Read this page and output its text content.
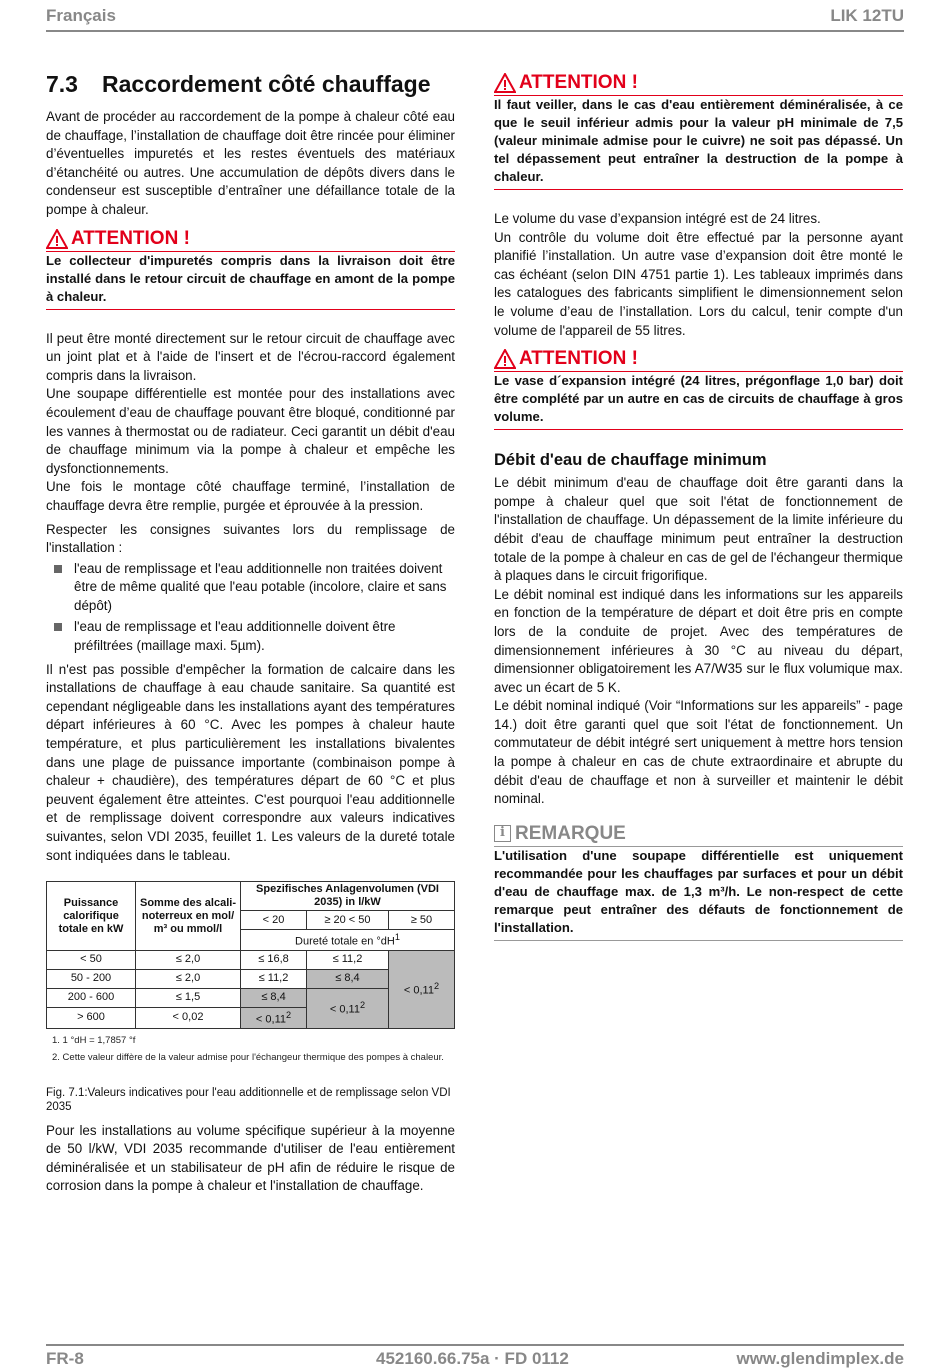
Français	LIK 12TU
7.3 Raccordement côté chauffage

Avant de procéder au raccordement de la pompe à chaleur côté eau de chauffage, l’installation de chauffage doit être rincée pour éliminer d’éventuelles impuretés et les restes éventuels des matériaux d’étanchéité ou autres. Une accumulation de dépôts divers dans le condenseur est susceptible d’entraîner une défaillance totale de la pompe à chaleur.

ATTENTION !
Le collecteur d'impuretés compris dans la livraison doit être installé dans le retour circuit de chauffage en amont de la pompe à chaleur.

Il peut être monté directement sur le retour circuit de chauffage avec un joint plat et à l'aide de l'insert et de l'écrou-raccord également compris dans la livraison.

Une soupape différentielle est montée pour des installations avec écoulement d’eau de chauffage pouvant être bloqué, conditionné par les vannes à thermostat ou de radiateur. Ceci garantit un débit d'eau de chauffage minimum via la pompe à chaleur et empêche les dysfonctionnements.

Une fois le montage côté chauffage terminé, l’installation de chauffage devra être remplie, purgée et éprouvée à la pression.

Respecter les consignes suivantes lors du remplissage de l'installation :

l'eau de remplissage et l'eau additionnelle non traitées doivent être de même qualité que l'eau potable (incolore, claire et sans dépôt)
l'eau de remplissage et l'eau additionnelle doivent être préfiltrées (maillage maxi. 5µm).

Il n'est pas possible d'empêcher la formation de calcaire dans les installations de chauffage à eau chaude sanitaire. Sa quantité est cependant négligeable dans les installations ayant des températures départ inférieures à 60 °C. Avec les pompes à chaleur haute température, et plus particulièrement les installations bivalentes dans une plage de puissance importante (combinaison pompe à chaleur + chaudière), des températures départ de 60 °C et plus peuvent également être atteintes. C'est pourquoi l'eau additionnelle et de remplissage doivent correspondre aux valeurs indicatives suivantes, selon VDI 2035, feuillet 1. Les valeurs de la dureté totale sont indiquées dans le tableau.

Puissance calorifique totale en kW	Somme des alcali-noterreux en mol/ m³ ou mmol/l	Spezifisches Anlagenvolumen (VDI 2035) in l/kW		
		< 20	≥ 20 < 50	≥ 50
		Dureté totale en $^\circ dH^1$
< 50	≤ 2,0	≤ 16,8	≤ 11,2	< $0,11^2$
50 - 200	≤ 2,0	≤ 11,2	≤ 8,4	
200 - 600	≤ 1,5	≤ 8,4	< $0,11^2$
> 600	< 0,02	< $0,11^2$
1. 1 °dH = 1,7857 °f
2. Cette valeur diffère de la valeur admise pour l'échangeur thermique des pompes à chaleur.
Fig. 7.1:Valeurs indicatives pour l'eau additionnelle et de remplissage selon VDI 2035

Pour les installations au volume spécifique supérieur à la moyenne de 50 l/kW, VDI 2035 recommande d'utiliser de l'eau entièrement déminéralisée et un stabilisateur de pH afin de réduire le risque de corrosion dans la pompe à chaleur et l'installation de chauffage.

ATTENTION !
Il faut veiller, dans le cas d'eau entièrement déminéralisée, à ce que le seuil inférieur admis pour la valeur pH minimale de 7,5 (valeur minimale admise pour le cuivre) ne soit pas dépassé. Un tel dépassement peut entraîner la destruction de la pompe à chaleur.

Le volume du vase d’expansion intégré est de 24 litres.

Un contrôle du volume doit être effectué par la personne ayant planifié l’installation. Un autre vase d’expansion doit être monté le cas échéant (selon DIN 4751 partie 1). Les tableaux imprimés dans les catalogues des fabricants simplifient le dimensionnement selon le volume d’eau de l’installation. Lors du calcul, tenir compte d'un volume de l'appareil de 55 litres.

ATTENTION !
Le vase d´expansion intégré (24 litres, prégonflage 1,0 bar) doit être complété par un autre en cas de circuits de chauffage à gros volume.
Débit d'eau de chauffage minimum

Le débit minimum d'eau de chauffage doit être garanti dans la pompe à chaleur quel que soit l'état de fonctionnement de l'installation de chauffage. Un dépassement de la limite inférieure du débit d'eau de chauffage minimum peut entraîner la destruction totale de la pompe à chaleur en cas de gel de l'échangeur thermique à plaques dans le circuit frigorifique.

Le débit nominal est indiqué dans les informations sur les appareils en fonction de la température de départ et doit être pris en compte lors de la conduite de projet. Avec des températures de dimensionnement inférieures à 30 °C au niveau du départ, dimensionner obligatoirement les A7/W35 sur le flux volumique max. avec un écart de 5 K.

Le débit nominal indiqué (Voir “Informations sur les appareils” - page 14.) doit être garanti quel que soit l'état de fonctionnement. Un commutateur de débit intégré sert uniquement à mettre hors tension la pompe à chaleur en cas de chute extraordinaire et abrupte du débit d'eau de chauffage et non à surveiller et maintenir le débit nominal.

i REMARQUE
L'utilisation d'une soupape différentielle est uniquement recommandée pour les chauffages par surfaces et pour un débit d'eau de chauffage max. de 1,3 m³/h. Le non-respect de cette remarque peut entraîner des défauts de fonctionnement de l'installation.
FR-8	452160.66.75a · FD 0112	www.glendimplex.de
